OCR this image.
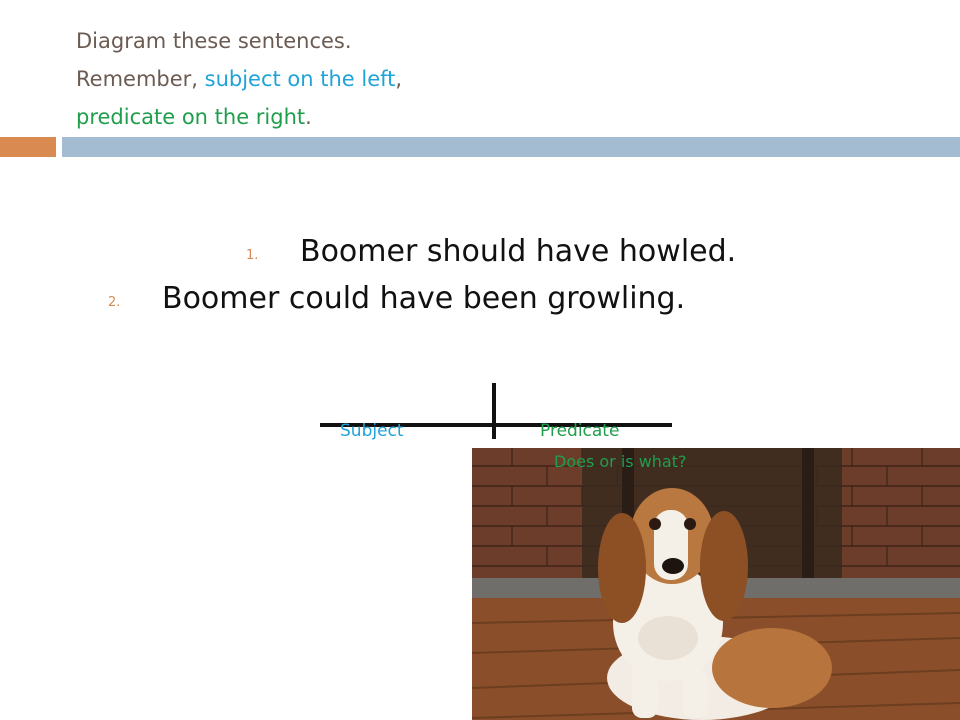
Diagram these sentences.
Remember, subject on the left,
predicate on the right.
1. Boomer should have howled.
2. Boomer could have been growling.
Subject	Predicate
Does or is what?
